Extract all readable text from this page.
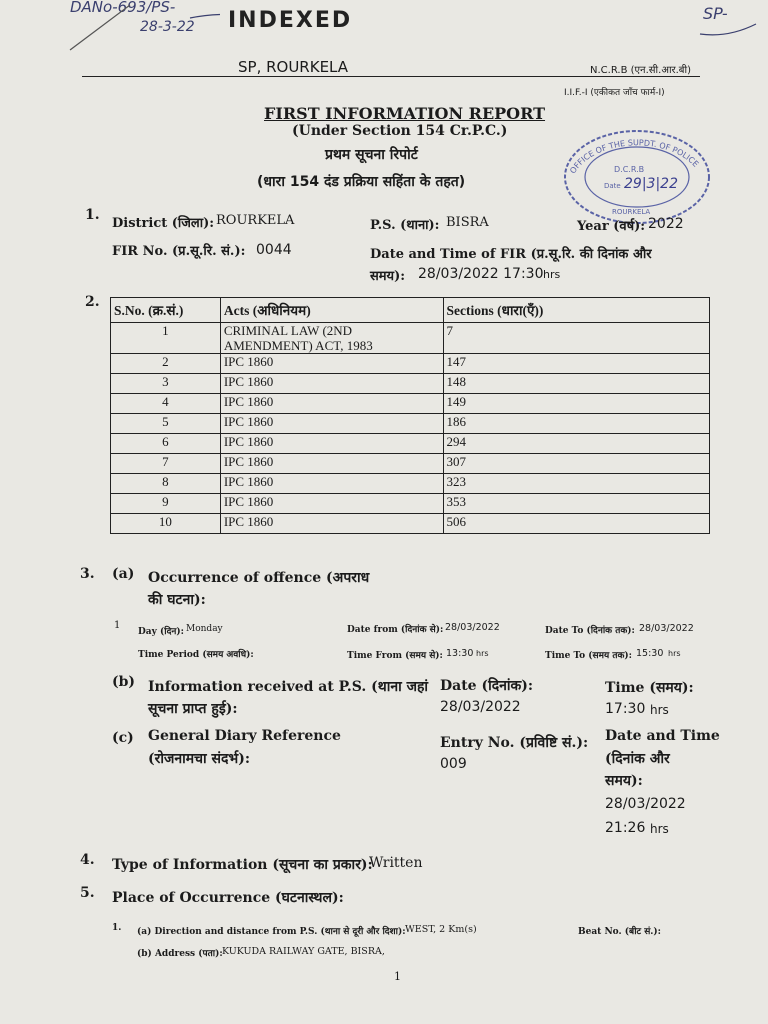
DANo-693/PS-
28-3-22
SP-
INDEXED
SP, ROURKELA	N.C.R.B (एन.सी.आर.बी)
I.I.F.-I (एकीकत जाँच फार्म-I)
FIRST INFORMATION REPORT
(Under Section 154 Cr.P.C.)
प्रथम सूचना रिपोर्ट
(धारा 154 दंड प्रक्रिया सहिंता के तहत)
OFFICE OF THE SUPDT. OF POLICE
D.C.R.B
Date 29|3|22
ROURKELA
1.
District (जिला): ROURKELA	P.S. (थाना): BISRA	Year (वर्ष): 2022
FIR No. (प्र.सू.रि. सं.): 0044	Date and Time of FIR (प्र.सू.रि. की दिनांक और
समय): 28/03/2022 17:30 hrs
2. S.No. (क्र.सं.)	Acts (अधिनियम)	Sections (धारा(एँ))
1	CRIMINAL LAW (2ND AMENDMENT) ACT, 1983	7
2	IPC 1860	147
3	IPC 1860	148
4	IPC 1860	149
5	IPC 1860	186
6	IPC 1860	294
7	IPC 1860	307
8	IPC 1860	323
9	IPC 1860	353
10	IPC 1860	506
3. (a) Occurrence of offence (अपराध
की घटना):
1
Day (दिन): Monday	Date from (दिनांक से): 28/03/2022	Date To (दिनांक तक): 28/03/2022
Time Period (समय अवधि):	Time From (समय से): 13:30 hrs	Time To (समय तक): 15:30 hrs
(b) Information received at P.S. (थाना जहां
सूचना प्राप्त हुई):
Date (दिनांक):
28/03/2022
Time (समय):
17:30 hrs
(c) General Diary Reference
(रोजनामचा संदर्भ):
Entry No. (प्रविष्टि सं.):
009
Date and Time
(दिनांक और
समय):
28/03/2022
21:26 hrs
4. Type of Information (सूचना का प्रकार):
Written
5. Place of Occurrence (घटनास्थल):
1. (a) Direction and distance from P.S. (थाना से दूरी और दिशा): WEST, 2 Km(s)	Beat No. (बीट सं.):
(b) Address (पता): KUKUDA RAILWAY GATE, BISRA,
1
